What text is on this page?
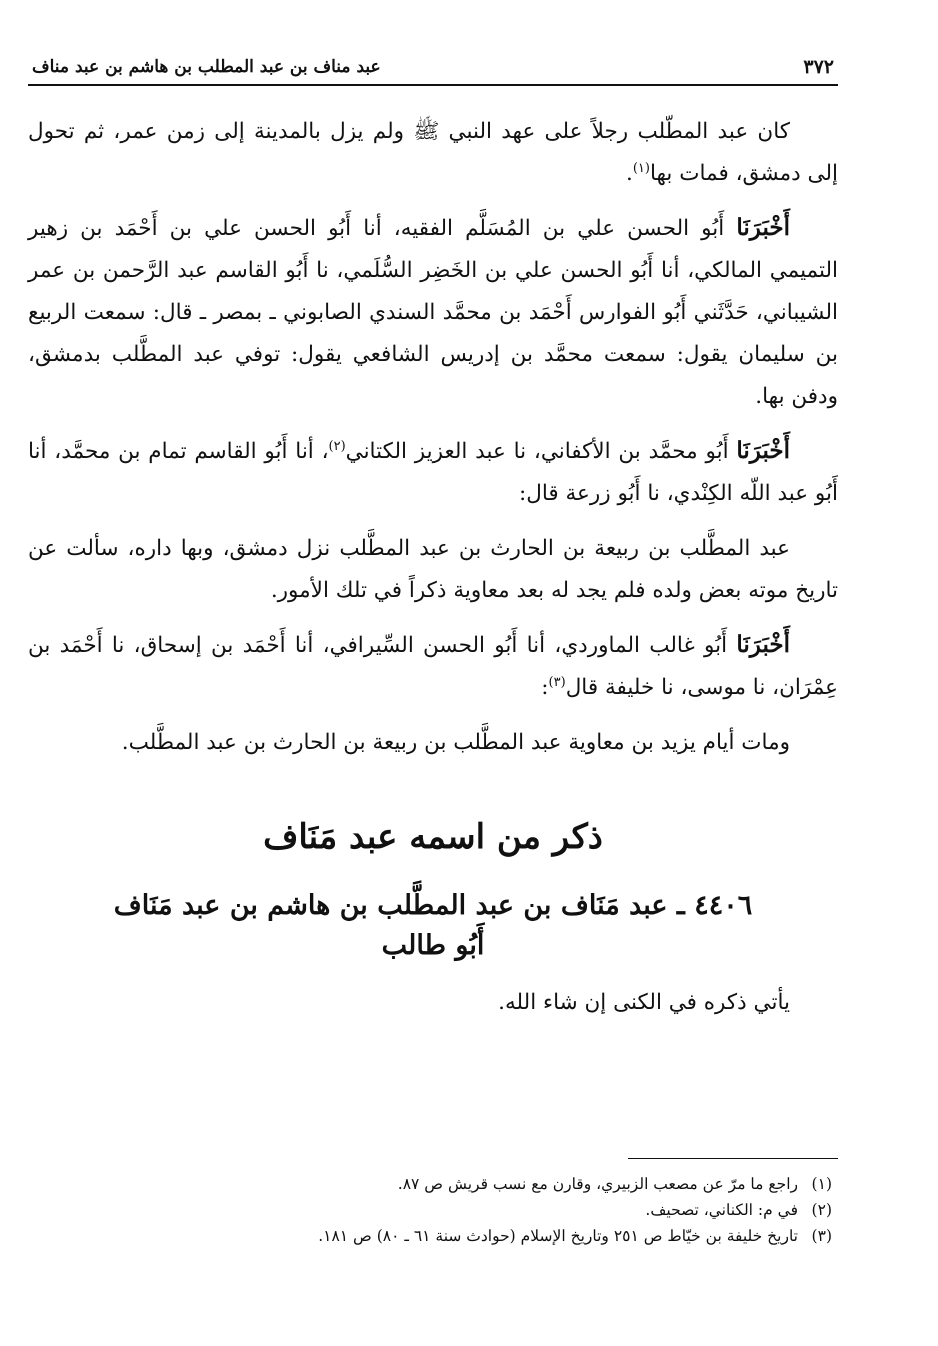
٣٧٢
عبد مناف بن عبد المطلب بن هاشم بن عبد مناف

كان عبد المطّلب رجلاً على عهد النبي ﷺ ولم يزل بالمدينة إلى زمن عمر، ثم تحول إلى دمشق، فمات بها$^{(١)}$.

أَخْبَرَنَا أَبُو الحسن علي بن المُسَلَّم الفقيه، أنا أَبُو الحسن علي بن أَحْمَد بن زهير التميمي المالكي، أنا أَبُو الحسن علي بن الخَضِر السُّلَمي، نا أَبُو القاسم عبد الرَّحمن بن عمر الشيباني، حَدَّثَني أَبُو الفوارس أَحْمَد بن محمَّد السندي الصابوني ـ بمصر ـ قال: سمعت الربيع بن سليمان يقول: سمعت محمَّد بن إدريس الشافعي يقول: توفي عبد المطَّلب بدمشق، ودفن بها.

أَخْبَرَنَا أَبُو محمَّد بن الأكفاني، نا عبد العزيز الكتاني$^{(٢)}$، أنا أَبُو القاسم تمام بن محمَّد، أنا أَبُو عبد اللّه الكِنْدي، نا أَبُو زرعة قال:

عبد المطَّلب بن ربيعة بن الحارث بن عبد المطَّلب نزل دمشق، وبها داره، سألت عن تاريخ موته بعض ولده فلم يجد له بعد معاوية ذكراً في تلك الأمور.

أَخْبَرَنَا أَبُو غالب الماوردي، أنا أَبُو الحسن السِّيرافي، أنا أَحْمَد بن إسحاق، نا أَحْمَد بن عِمْرَان، نا موسى، نا خليفة قال$^{(٣)}$:

ومات أيام يزيد بن معاوية عبد المطَّلب بن ربيعة بن الحارث بن عبد المطَّلب.

ذكر من اسمه عبد مَنَاف
٤٤٠٦ ـ عبد مَنَاف بن عبد المطَّلب بن هاشم بن عبد مَنَاف
أَبُو طالب

يأتي ذكره في الكنى إن شاء الله.

(١)راجع ما مرّ عن مصعب الزبيري، وقارن مع نسب قريش ص ٨٧.

(٢)في م: الكناني، تصحيف.

(٣)تاريخ خليفة بن خيّاط ص ٢٥١ وتاريخ الإسلام (حوادث سنة ٦١ ـ ٨٠) ص ١٨١.
